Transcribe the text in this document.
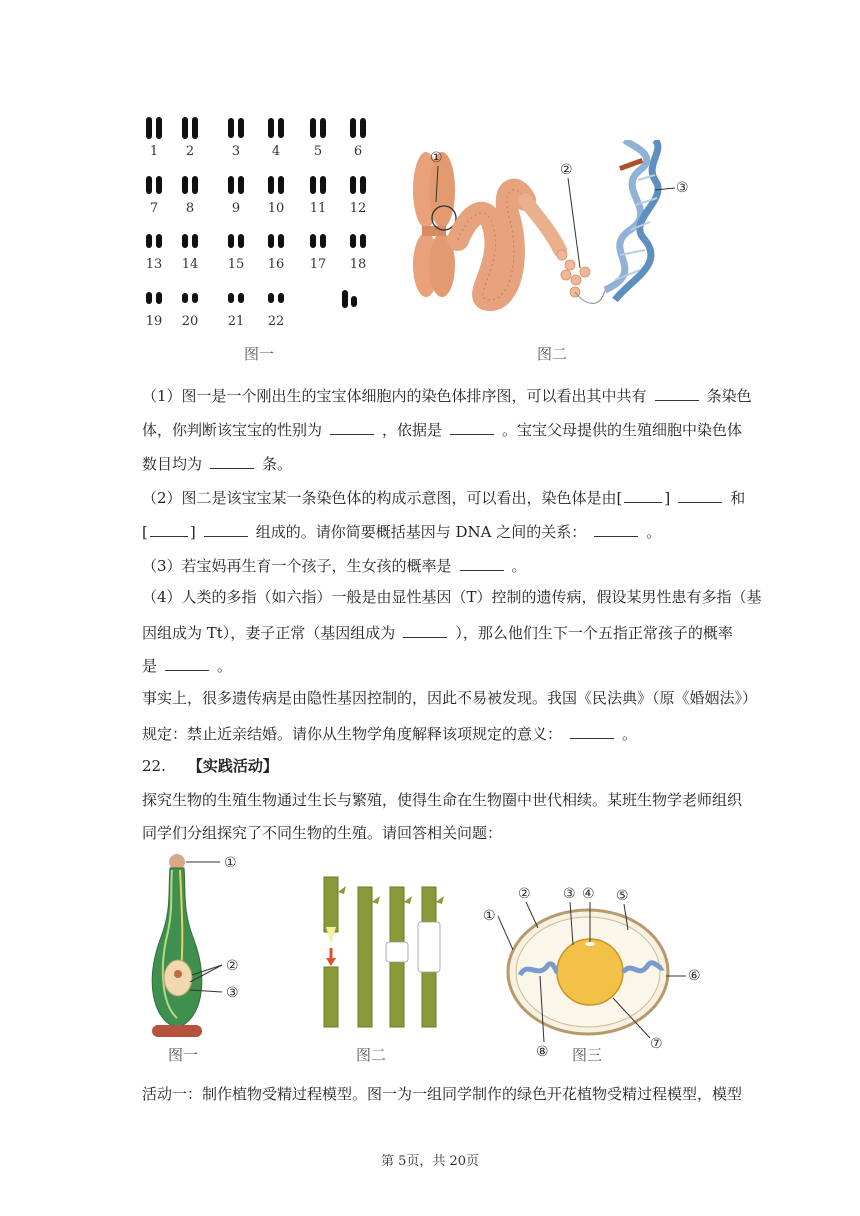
1 2	3 4	5 6
7 8	9 10 11 12
13 14 15 16 17 18
19 20 21 22
图一
①
②
③
图二
（1）图一是一个刚出生的宝宝体细胞内的染色体排序图，可以看出其中共有	条染色
体，你判断该宝宝的性别为	，依据是	。宝宝父母提供的生殖细胞中染色体
数目均为	条。
（2）图二是该宝宝某一条染色体的构成示意图，可以看出，染色体是由[	]	和
[	]	组成的。请你简要概括基因与 DNA 之间的关系：	。
（3）若宝妈再生育一个孩子，生女孩的概率是	。
（4）人类的多指（如六指）一般是由显性基因（T）控制的遗传病，假设某男性患有多指（基
因组成为 Tt），妻子正常（基因组成为	），那么他们生下一个五指正常孩子的概率
是	。
事实上，很多遗传病是由隐性基因控制的，因此不易被发现。我国《民法典》（原《婚姻法》）
规定：禁止近亲结婚。请你从生物学角度解释该项规定的意义：	。
22. 【实践活动】
探究生物的生殖生物通过生长与繁殖，使得生命在生物圈中世代相续。某班生物学老师组织
同学们分组探究了不同生物的生殖。请回答相关问题：
①
②
③
图一	图二
②
①
③ ④ ⑤
⑥
⑦
⑧ 图三
活动一：制作植物受精过程模型。图一为一组同学制作的绿色开花植物受精过程模型，模型
第 5页，共 20页
